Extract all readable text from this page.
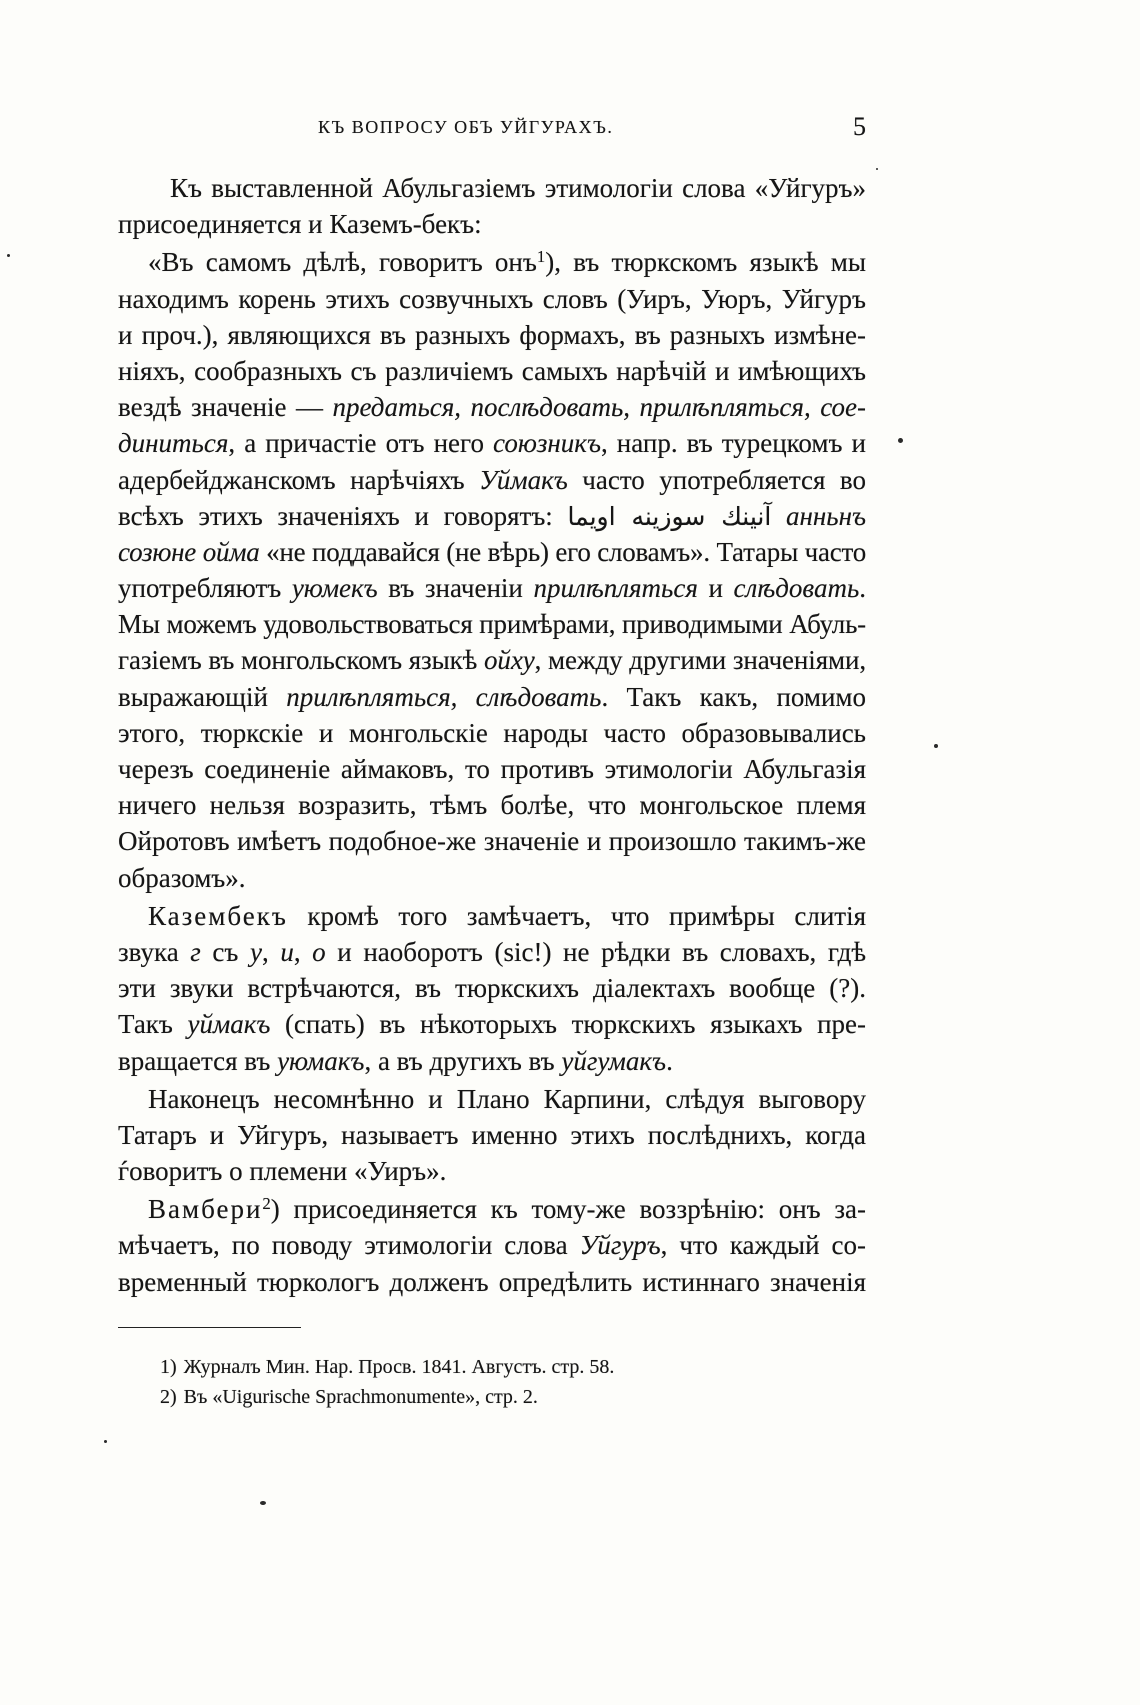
КЪ ВОПРОСУ ОБЪ УЙГУРАХЪ.	5
Къ выставленной Абульгазіемъ этимологіи слова «Уйгуръ»
присоединяется и Каземъ-бекъ:
«Въ самомъ дѣлѣ, говоритъ онъ$^1$), въ тюркскомъ языкѣ мы
находимъ корень этихъ созвучныхъ словъ (Уиръ, Уюръ, Уйгуръ
и проч.), являющихся въ разныхъ формахъ, въ разныхъ измѣне-
ніяхъ, сообразныхъ съ различіемъ самыхъ нарѣчій и имѣющихъ
вездѣ значеніе — предаться, послѣдовать, прилѣпляться, сое-
диниться, а причастіе отъ него союзникъ, напр. въ турецкомъ и
адербейджанскомъ нарѣчіяхъ Уймакъ часто употребляется во
всѣхъ этихъ значеніяхъ и говорятъ: آنينك سوزينه اويما анньнъ
созюне ойма «не поддавайся (не вѣрь) его словамъ». Татары часто
употребляютъ уюмекъ въ значеніи прилѣпляться и слѣдовать.
Мы можемъ удовольствоваться примѣрами, приводимыми Абуль-
газіемъ въ монгольскомъ языкѣ ойху, между другими значеніями,
выражающій прилѣпляться, слѣдовать. Такъ какъ, помимо
этого, тюркскіе и монгольскіе народы часто образовывались
черезъ соединеніе аймаковъ, то противъ этимологіи Абульгазія
ничего нельзя возразить, тѣмъ болѣе, что монгольское племя
Ойротовъ имѣетъ подобное-же значеніе и произошло такимъ-же
образомъ».
Казембекъ кромѣ того замѣчаетъ, что примѣры слитія
звука г съ у, и, о и наоборотъ (sic!) не рѣдки въ словахъ, гдѣ
эти звуки встрѣчаются, въ тюркскихъ діалектахъ вообще (?).
Такъ уймакъ (спать) въ нѣкоторыхъ тюркскихъ языкахъ пре-
вращается въ уюмакъ, а въ другихъ въ уйгумакъ.
Наконецъ несомнѣнно и Плано Карпини, слѣдуя выговору
Татаръ и Уйгуръ, называетъ именно этихъ послѣднихъ, когда
ѓоворитъ о племени «Уиръ».
Вамбери$^2$) присоединяется къ тому-же воззрѣнію: онъ за-
мѣчаетъ, по поводу этимологіи слова Уйгуръ, что каждый со-
временный тюркологъ долженъ опредѣлить истиннаго значенія
1) Журналъ Мин. Нар. Просв. 1841. Августъ. стр. 58.
2) Въ «Uigurische Sprachmonumente», стр. 2.
